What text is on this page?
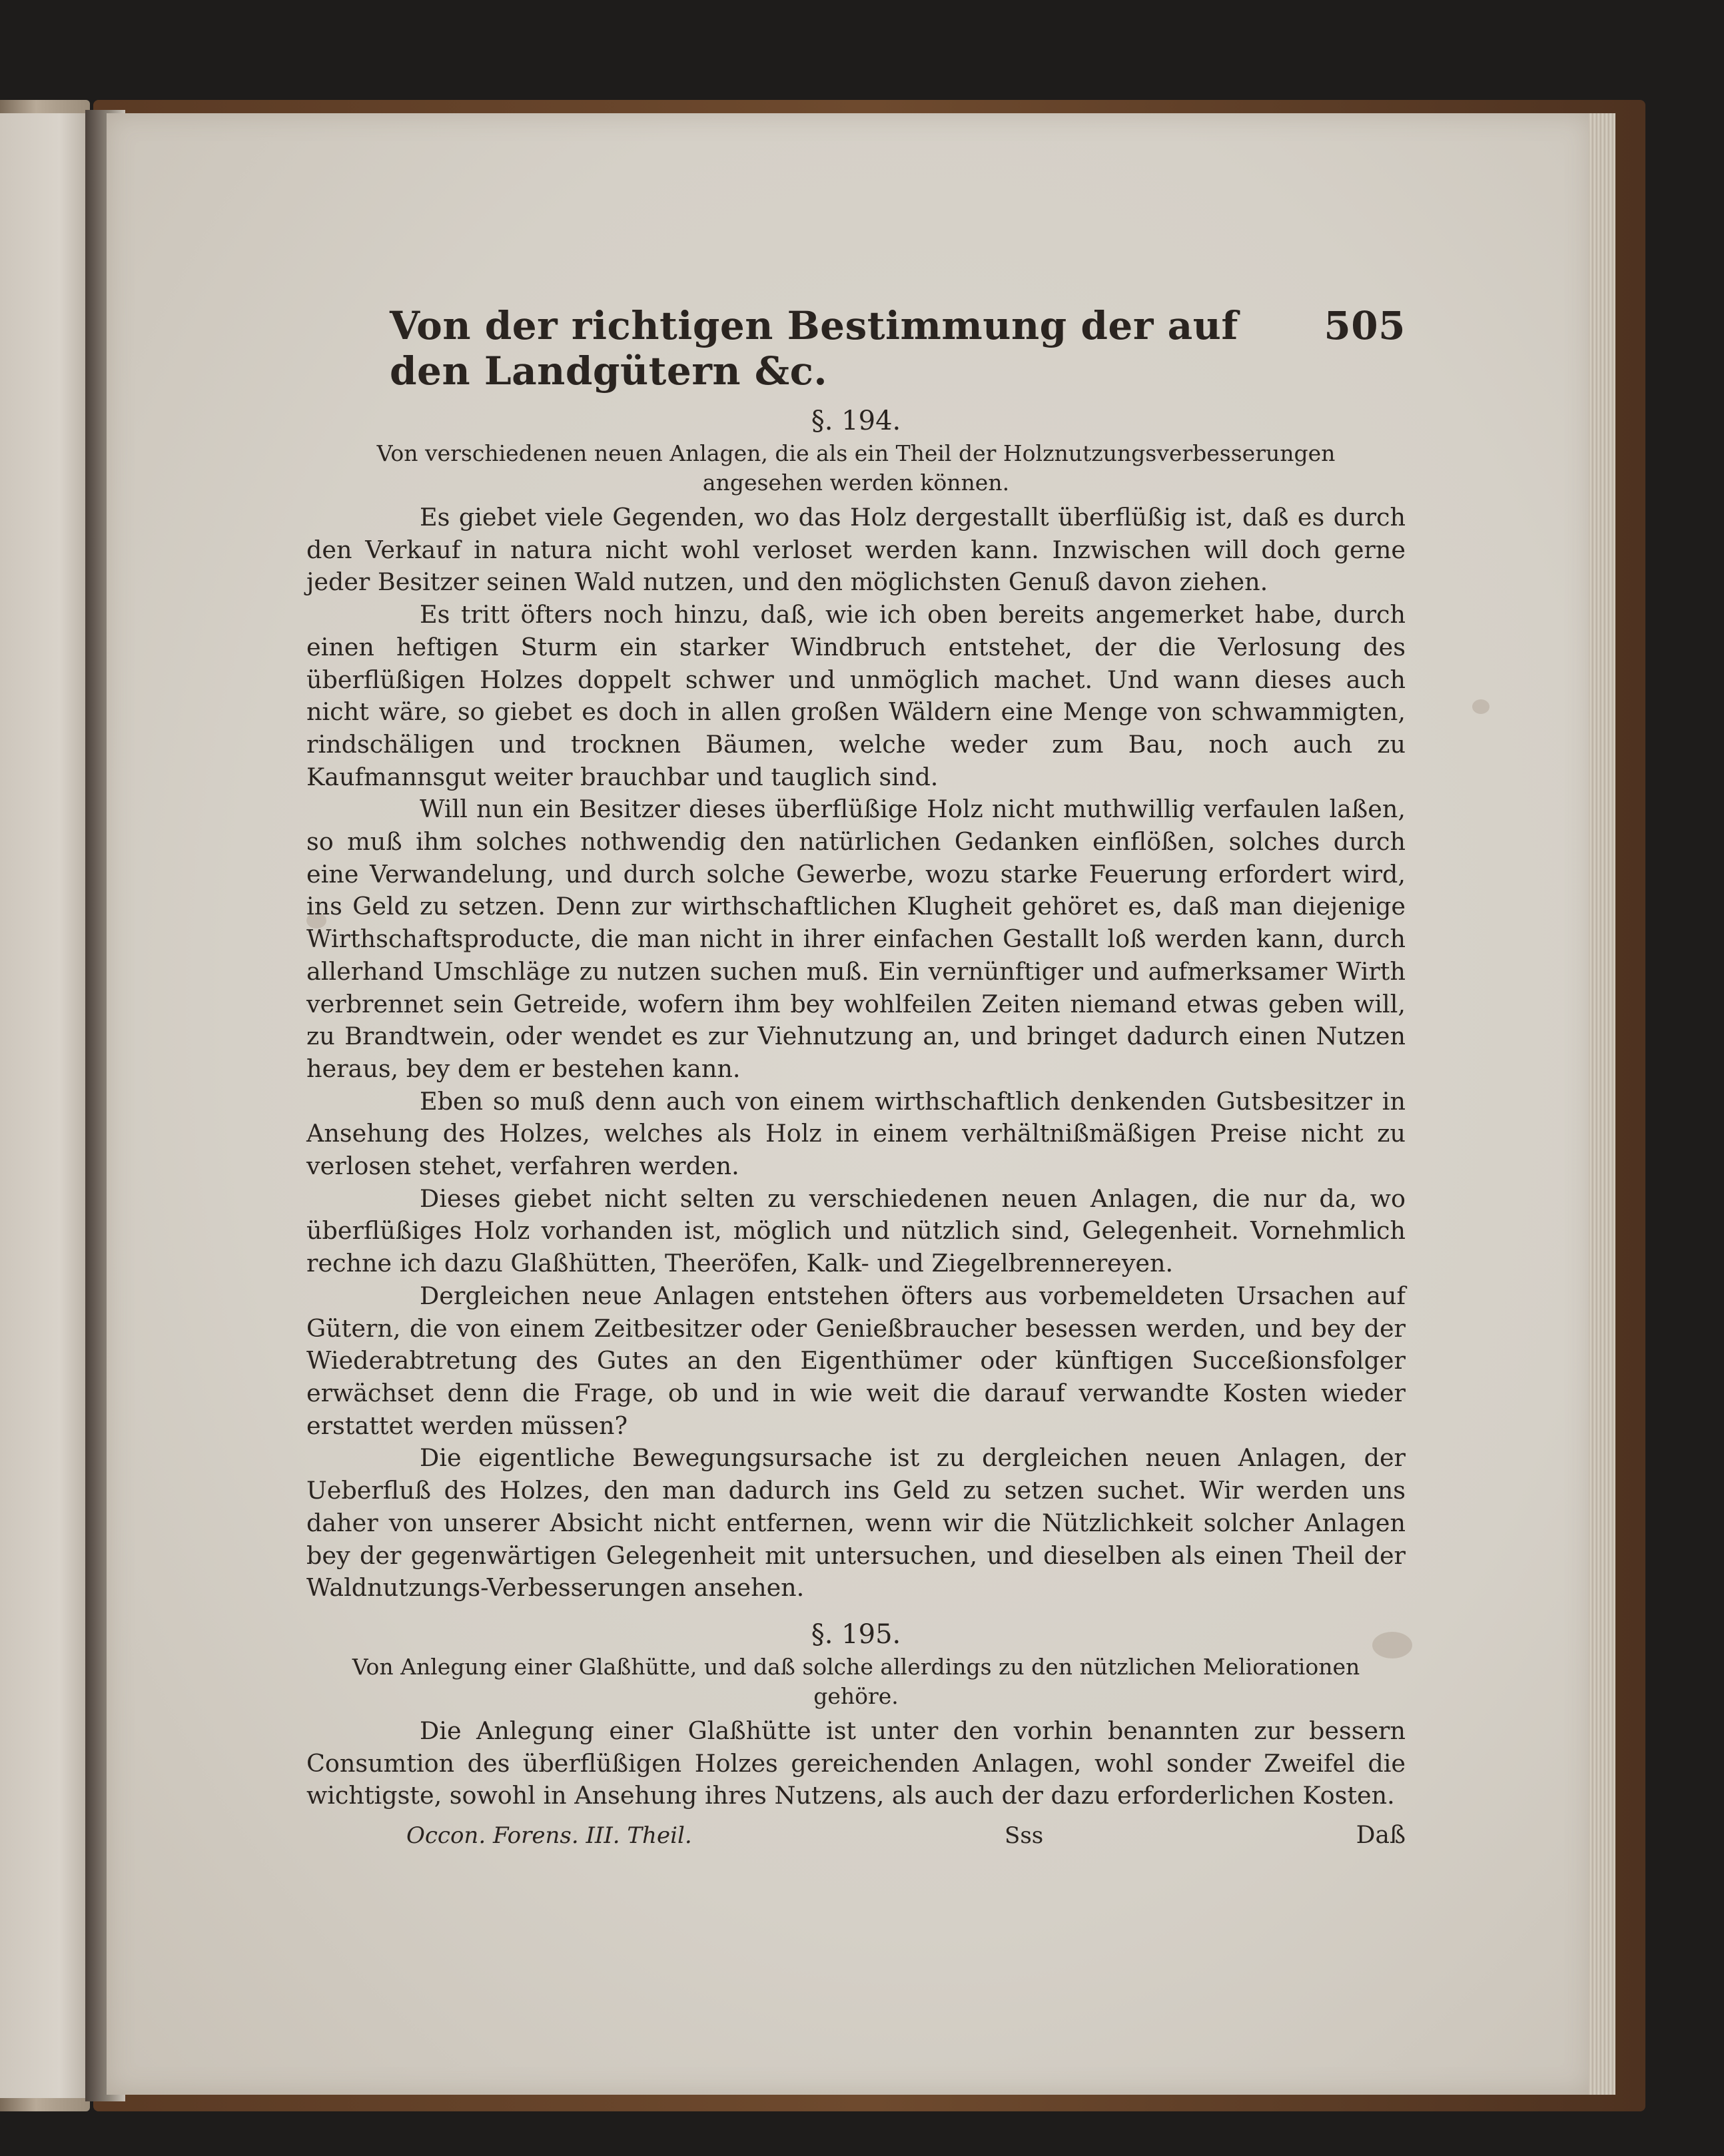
Von der richtigen Bestimmung der auf den Landgütern &c.
505
§. 194.
Von verschiedenen neuen Anlagen, die als ein Theil der Holznutzungsverbesserungen angesehen werden können.

Es giebet viele Gegenden, wo das Holz dergestallt überflüßig ist, daß es durch den Verkauf in natura nicht wohl verloset werden kann. Inzwischen will doch gerne jeder Besitzer seinen Wald nutzen, und den möglichsten Genuß davon ziehen.

Es tritt öfters noch hinzu, daß, wie ich oben bereits angemerket habe, durch einen heftigen Sturm ein starker Windbruch entstehet, der die Verlosung des überflüßigen Holzes doppelt schwer und unmöglich machet. Und wann dieses auch nicht wäre, so giebet es doch in allen großen Wäldern eine Menge von schwammigten, rindschäligen und trocknen Bäumen, welche weder zum Bau, noch auch zu Kaufmannsgut weiter brauchbar und tauglich sind.

Will nun ein Besitzer dieses überflüßige Holz nicht muthwillig verfaulen laßen, so muß ihm solches nothwendig den natürlichen Gedanken einflößen, solches durch eine Verwandelung, und durch solche Gewerbe, wozu starke Feuerung erfordert wird, ins Geld zu setzen. Denn zur wirthschaftlichen Klugheit gehöret es, daß man diejenige Wirthschaftsproducte, die man nicht in ihrer einfachen Gestallt loß werden kann, durch allerhand Umschläge zu nutzen suchen muß. Ein vernünftiger und aufmerksamer Wirth verbrennet sein Getreide, wofern ihm bey wohlfeilen Zeiten niemand etwas geben will, zu Brandtwein, oder wendet es zur Viehnutzung an, und bringet dadurch einen Nutzen heraus, bey dem er bestehen kann.

Eben so muß denn auch von einem wirthschaftlich denkenden Gutsbesitzer in Ansehung des Holzes, welches als Holz in einem verhältnißmäßigen Preise nicht zu verlosen stehet, verfahren werden.

Dieses giebet nicht selten zu verschiedenen neuen Anlagen, die nur da, wo überflüßiges Holz vorhanden ist, möglich und nützlich sind, Gelegenheit. Vornehmlich rechne ich dazu Glaßhütten, Theeröfen, Kalk- und Ziegelbrennereyen.

Dergleichen neue Anlagen entstehen öfters aus vorbemeldeten Ursachen auf Gütern, die von einem Zeitbesitzer oder Genießbraucher besessen werden, und bey der Wiederabtretung des Gutes an den Eigenthümer oder künftigen Succeßionsfolger erwächset denn die Frage, ob und in wie weit die darauf verwandte Kosten wieder erstattet werden müssen?

Die eigentliche Bewegungsursache ist zu dergleichen neuen Anlagen, der Ueberfluß des Holzes, den man dadurch ins Geld zu setzen suchet. Wir werden uns daher von unserer Absicht nicht entfernen, wenn wir die Nützlichkeit solcher Anlagen bey der gegenwärtigen Gelegenheit mit untersuchen, und dieselben als einen Theil der Waldnutzungs-Verbesserungen ansehen.

§. 195.
Von Anlegung einer Glaßhütte, und daß solche allerdings zu den nützlichen Meliorationen gehöre.

Die Anlegung einer Glaßhütte ist unter den vorhin benannten zur bessern Consumtion des überflüßigen Holzes gereichenden Anlagen, wohl sonder Zweifel die wichtigste, sowohl in Ansehung ihres Nutzens, als auch der dazu erforderlichen Kosten.

Occon. Forens. III. Theil.	Sss	Daß
